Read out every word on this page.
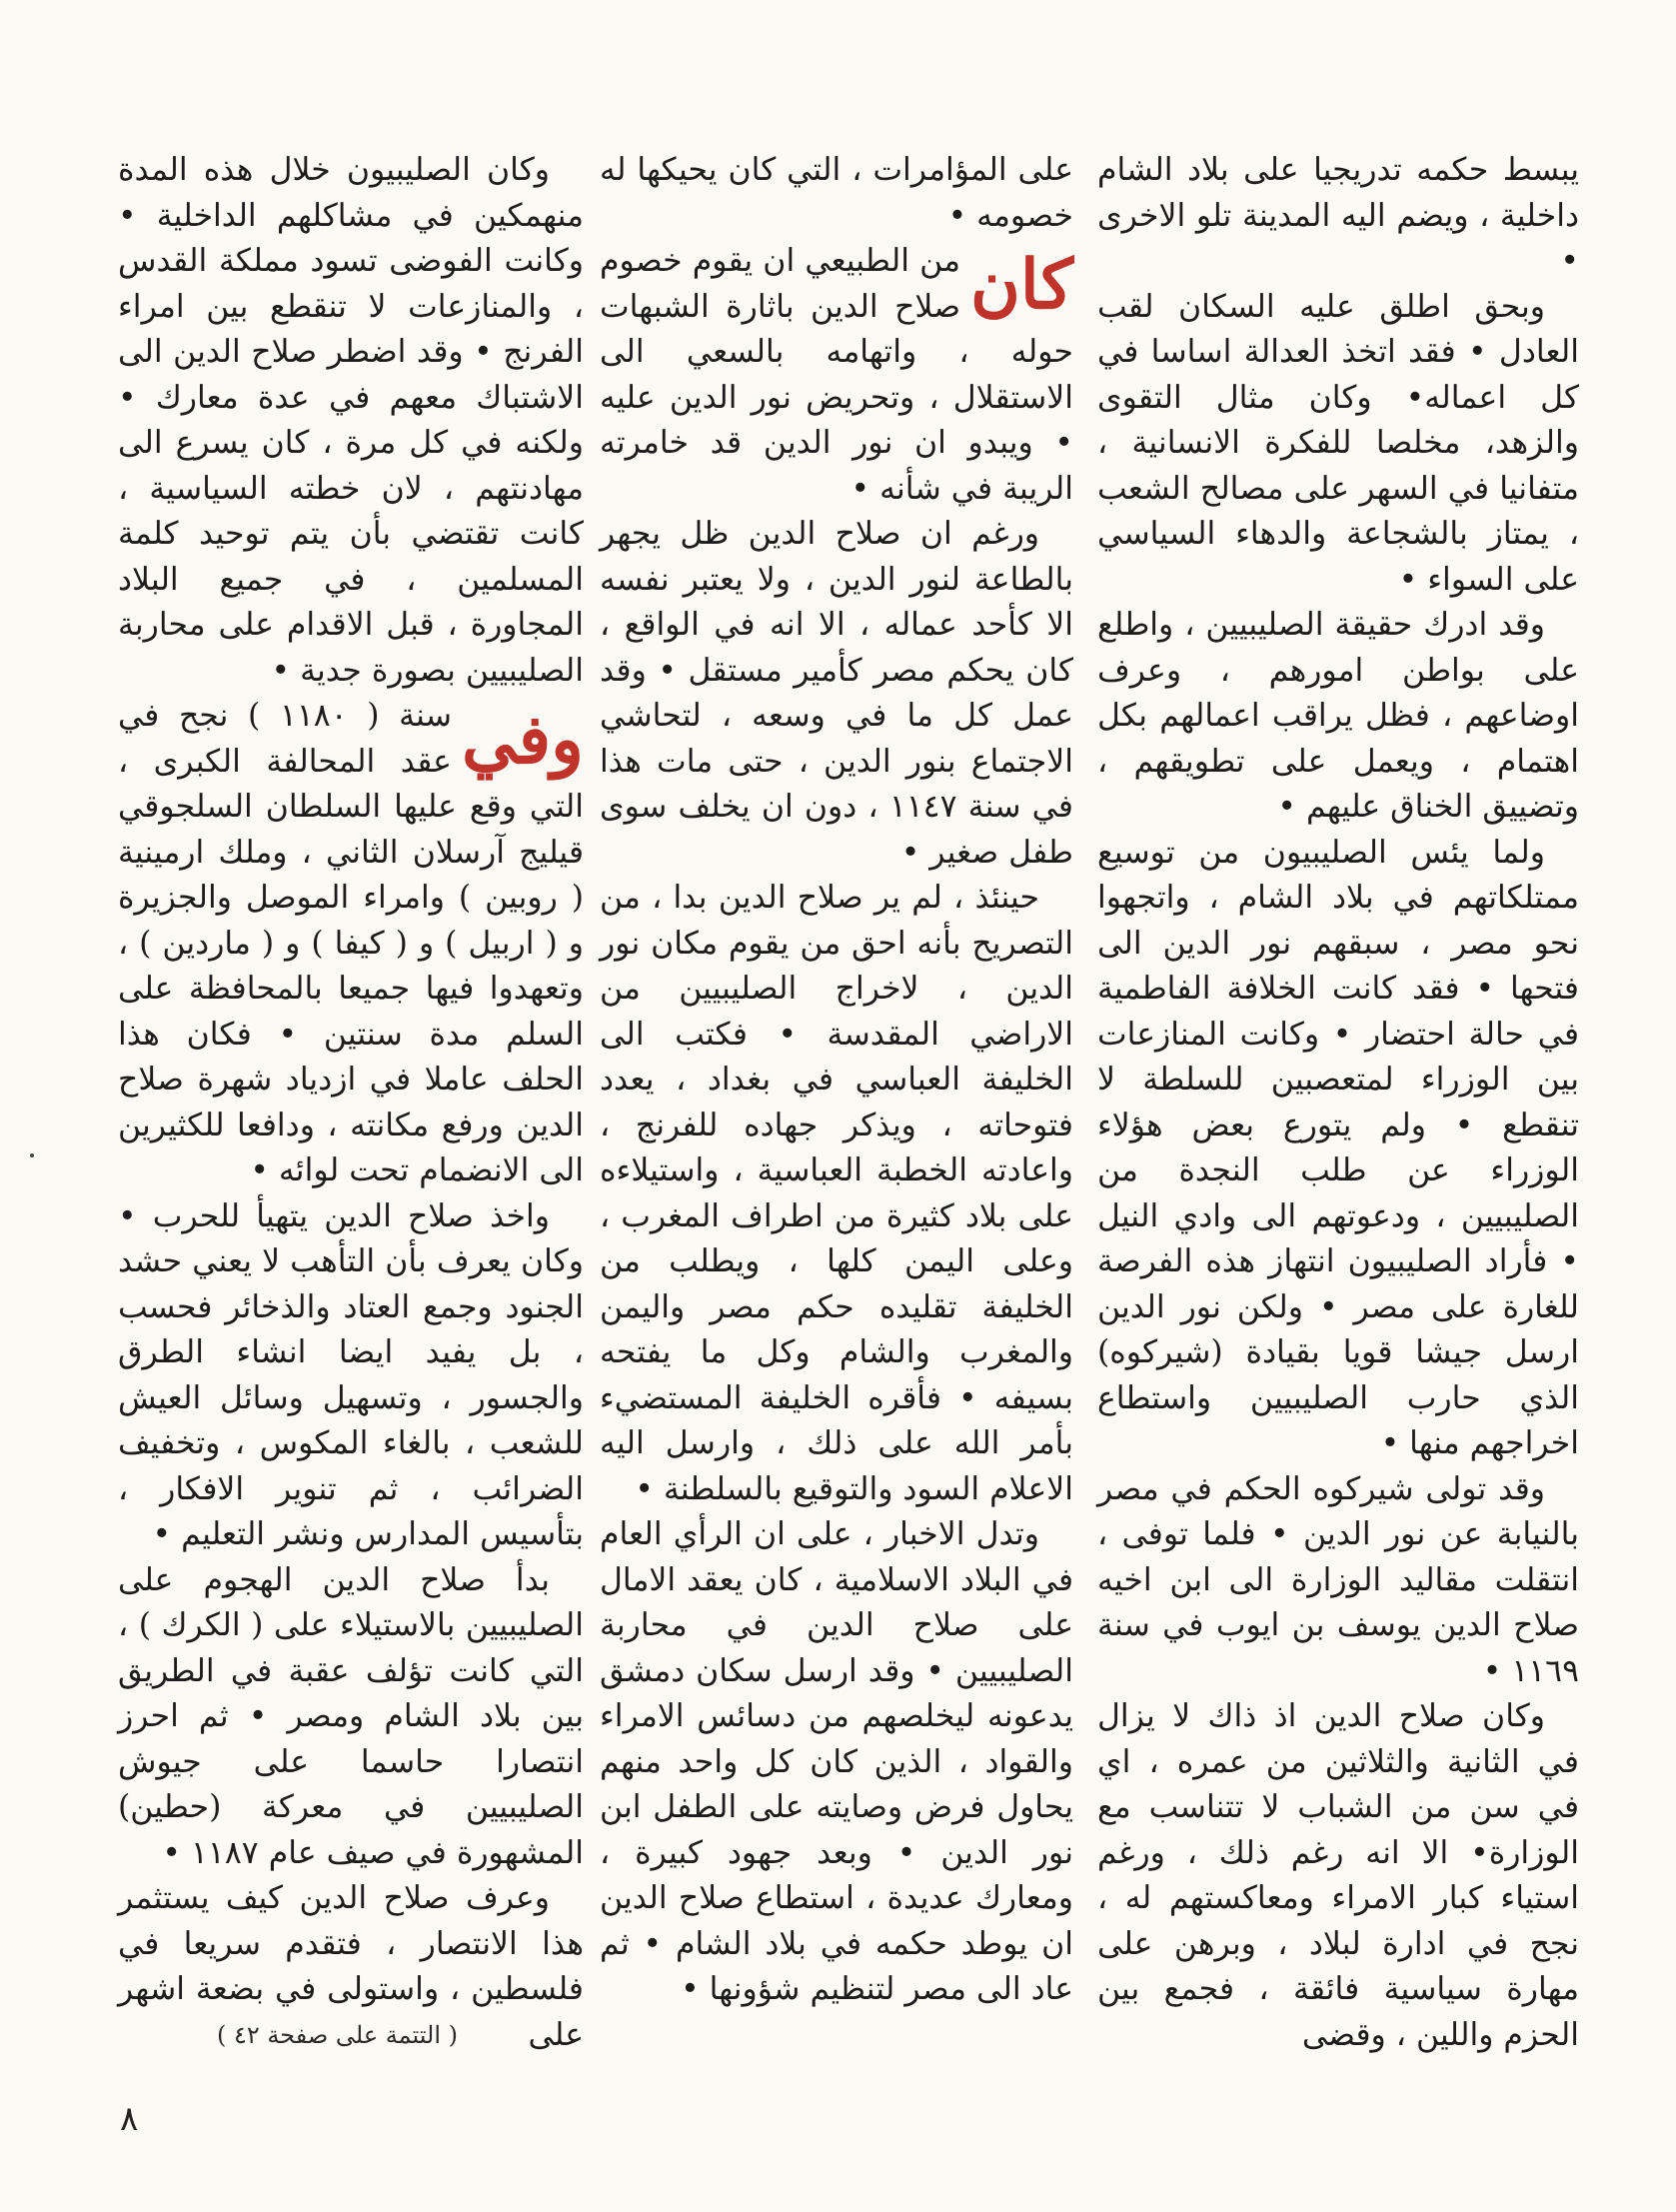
يبسط حكمه تدريجيا على بلاد الشام داخلية ، ويضم اليه المدينة تلو الاخرى •

وبحق اطلق عليه السكان لقب العادل • فقد اتخذ العدالة اساسا في كل اعماله• وكان مثال التقوى والزهد، مخلصا للفكرة الانسانية ، متفانيا في السهر على مصالح الشعب ، يمتاز بالشجاعة والدهاء السياسي على السواء •

وقد ادرك حقيقة الصليبيين ، واطلع على بواطن امورهم ، وعرف اوضاعهم ، فظل يراقب اعمالهم بكل اهتمام ، ويعمل على تطويقهم ، وتضييق الخناق عليهم •

ولما يئس الصليبيون من توسيع ممتلكاتهم في بلاد الشام ، واتجهوا نحو مصر ، سبقهم نور الدين الى فتحها • فقد كانت الخلافة الفاطمية في حالة احتضار • وكانت المنازعات بين الوزراء لمتعصبين للسلطة لا تنقطع • ولم يتورع بعض هؤلاء الوزراء عن طلب النجدة من الصليبيين ، ودعوتهم الى وادي النيل • فأراد الصليبيون انتهاز هذه الفرصة للغارة على مصر • ولكن نور الدين ارسل جيشا قويا بقيادة (شيركوه) الذي حارب الصليبيين واستطاع اخراجهم منها •

وقد تولى شيركوه الحكم في مصر بالنيابة عن نور الدين • فلما توفى ، انتقلت مقاليد الوزارة الى ابن اخيه صلاح الدين يوسف بن ايوب في سنة ١١٦٩ •

وكان صلاح الدين اذ ذاك لا يزال في الثانية والثلاثين من عمره ، اي في سن من الشباب لا تتناسب مع الوزارة• الا انه رغم ذلك ، ورغم استياء كبار الامراء ومعاكستهم له ، نجح في ادارة لبلاد ، وبرهن على مهارة سياسية فائقة ، فجمع بين الحزم واللين ، وقضى

على المؤامرات ، التي كان يحيكها له خصومه •

كان
من الطبيعي ان يقوم خصوم صلاح الدين باثارة الشبهات حوله ، واتهامه بالسعي الى الاستقلال ، وتحريض نور الدين عليه • ويبدو ان نور الدين قد خامرته الريبة في شأنه •

ورغم ان صلاح الدين ظل يجهر بالطاعة لنور الدين ، ولا يعتبر نفسه الا كأحد عماله ، الا انه في الواقع ، كان يحكم مصر كأمير مستقل • وقد عمل كل ما في وسعه ، لتحاشي الاجتماع بنور الدين ، حتى مات هذا في سنة ١١٤٧ ، دون ان يخلف سوى طفل صغير •

حينئذ ، لم ير صلاح الدين بدا ، من التصريح بأنه احق من يقوم مكان نور الدين ، لاخراج الصليبيين من الاراضي المقدسة • فكتب الى الخليفة العباسي في بغداد ، يعدد فتوحاته ، ويذكر جهاده للفرنج ، واعادته الخطبة العباسية ، واستيلاءه على بلاد كثيرة من اطراف المغرب ، وعلى اليمن كلها ، ويطلب من الخليفة تقليده حكم مصر واليمن والمغرب والشام وكل ما يفتحه بسيفه • فأقره الخليفة المستضيء بأمر الله على ذلك ، وارسل اليه الاعلام السود والتوقيع بالسلطنة •

وتدل الاخبار ، على ان الرأي العام في البلاد الاسلامية ، كان يعقد الامال على صلاح الدين في محاربة الصليبيين • وقد ارسل سكان دمشق يدعونه ليخلصهم من دسائس الامراء والقواد ، الذين كان كل واحد منهم يحاول فرض وصايته على الطفل ابن نور الدين • وبعد جهود كبيرة ، ومعارك عديدة ، استطاع صلاح الدين ان يوطد حكمه في بلاد الشام • ثم عاد الى مصر لتنظيم شؤونها •

وكان الصليبيون خلال هذه المدة منهمكين في مشاكلهم الداخلية • وكانت الفوضى تسود مملكة القدس ، والمنازعات لا تنقطع بين امراء الفرنج • وقد اضطر صلاح الدين الى الاشتباك معهم في عدة معارك • ولكنه في كل مرة ، كان يسرع الى مهادنتهم ، لان خطته السياسية ، كانت تقتضي بأن يتم توحيد كلمة المسلمين ، في جميع البلاد المجاورة ، قبل الاقدام على محاربة الصليبيين بصورة جدية •

وفي
سنة ( ١١٨٠ ) نجح في عقد المحالفة الكبرى ، التي وقع عليها السلطان السلجوقي قيليج آرسلان الثاني ، وملك ارمينية ( روبين ) وامراء الموصل والجزيرة و ( اربيل ) و ( كيفا ) و ( ماردين ) ، وتعهدوا فيها جميعا بالمحافظة على السلم مدة سنتين • فكان هذا الحلف عاملا في ازدياد شهرة صلاح الدين ورفع مكانته ، ودافعا للكثيرين الى الانضمام تحت لوائه •

واخذ صلاح الدين يتهيأ للحرب • وكان يعرف بأن التأهب لا يعني حشد الجنود وجمع العتاد والذخائر فحسب ، بل يفيد ايضا انشاء الطرق والجسور ، وتسهيل وسائل العيش للشعب ، بالغاء المكوس ، وتخفيف الضرائب ، ثم تنوير الافكار ، بتأسيس المدارس ونشر التعليم •

بدأ صلاح الدين الهجوم على الصليبيين بالاستيلاء على ( الكرك ) ، التي كانت تؤلف عقبة في الطريق بين بلاد الشام ومصر • ثم احرز انتصارا حاسما على جيوش الصليبيين في معركة (حطين) المشهورة في صيف عام ١١٨٧ •

وعرف صلاح الدين كيف يستثمر هذا الانتصار ، فتقدم سريعا في فلسطين ، واستولى في بضعة اشهر على

( التتمة على صفحة ٤٢ )
٨
